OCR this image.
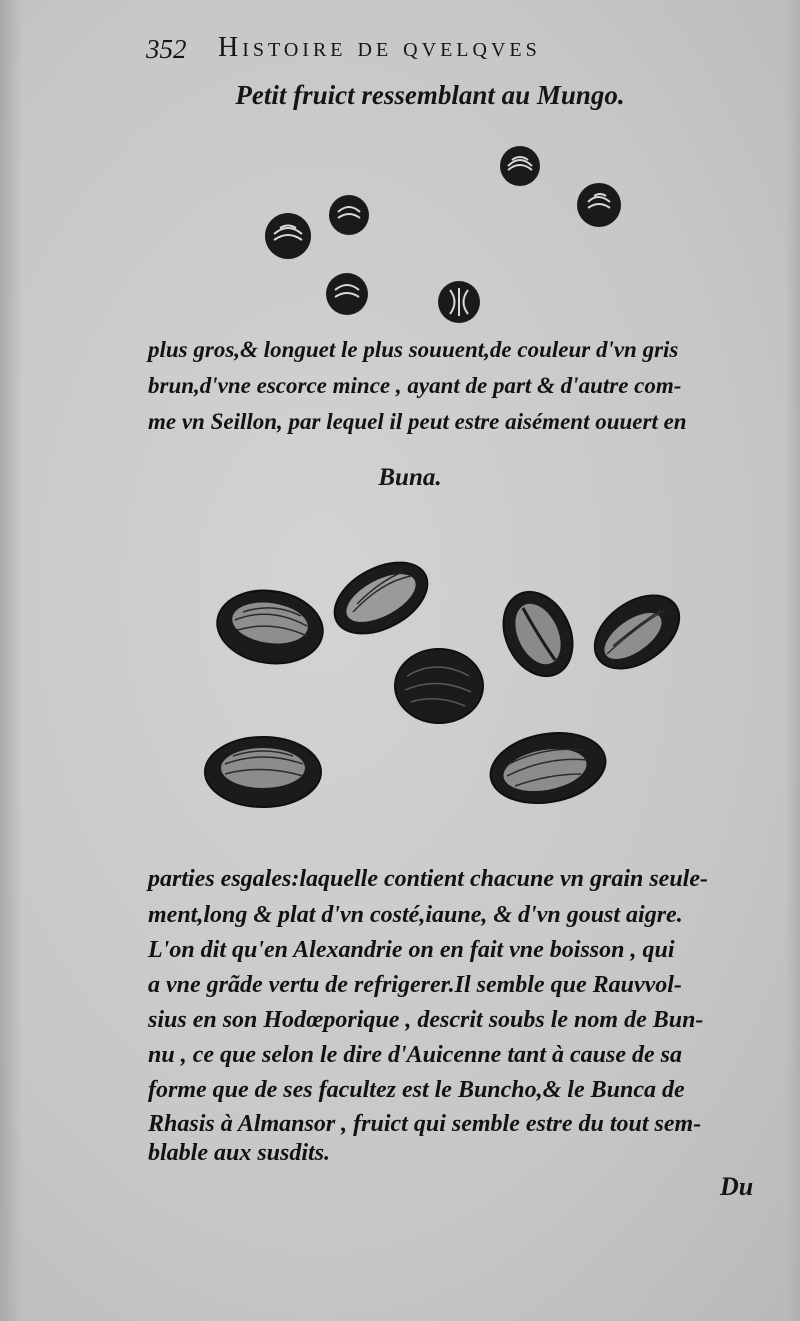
352 Histoire de qvelqves
Petit fruict ressemblant au Mungo.
plus gros,& longuet le plus souuent,de couleur d'vn gris
brun,d'vne escorce mince , ayant de part & d'autre com-
me vn Seillon, par lequel il peut estre aisément ouuert en
Buna.
parties esgales:laquelle contient chacune vn grain seule-
ment,long & plat d'vn costé,iaune, & d'vn goust aigre.
L'on dit qu'en Alexandrie on en fait vne boisson , qui
a vne grãde vertu de refrigerer.Il semble que Rauvvol-
sius en son Hodœporique , descrit soubs le nom de Bun-
nu , ce que selon le dire d'Auicenne tant à cause de sa
forme que de ses facultez est le Buncho,& le Bunca de
Rhasis à Almansor , fruict qui semble estre du tout sem-
blable aux susdits.
Du
